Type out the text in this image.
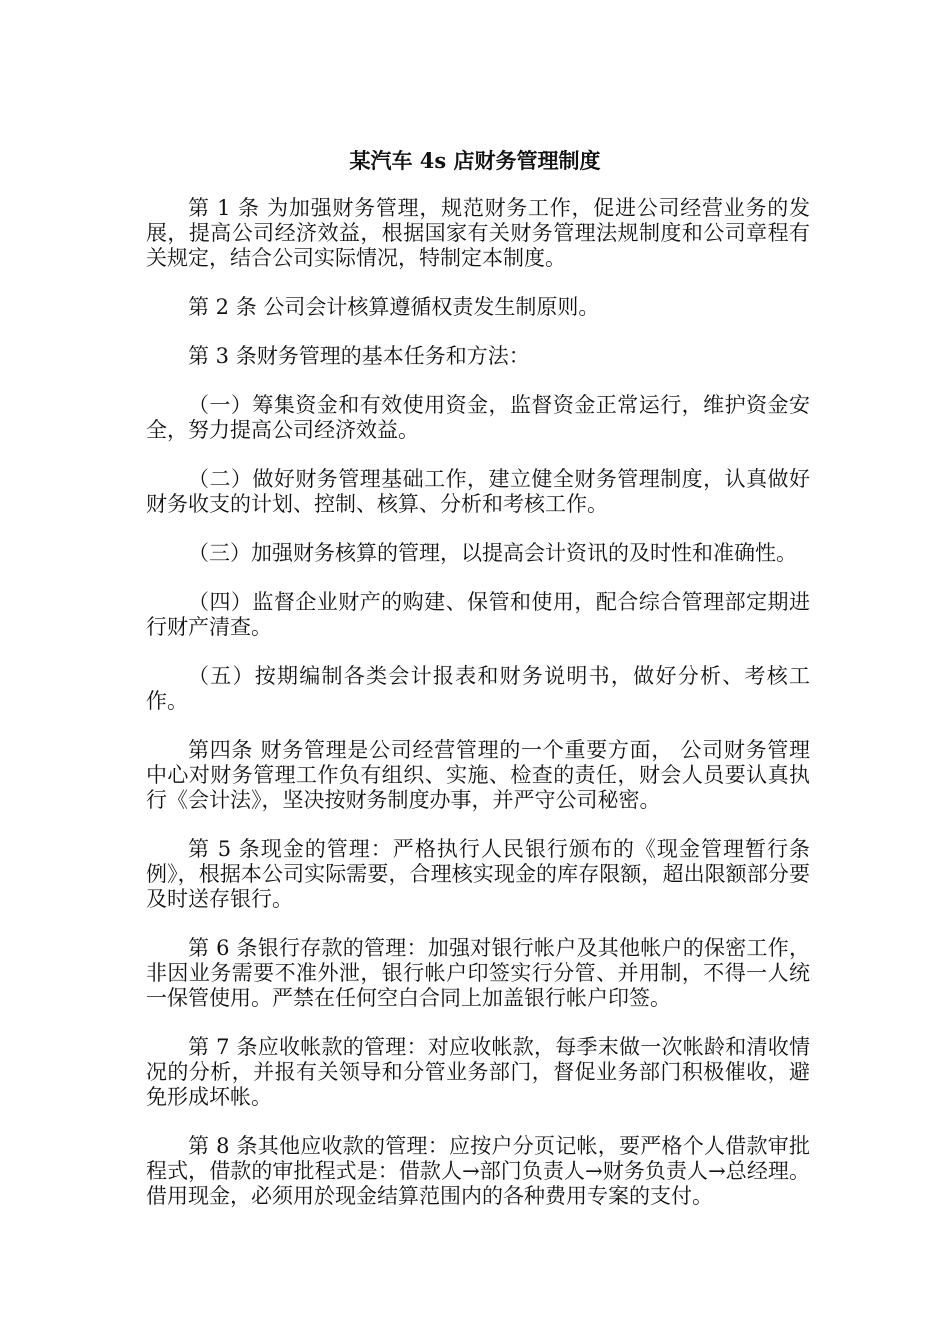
某汽车 4s 店财务管理制度

第 1 条 为加强财务管理，规范财务工作，促进公司经营业务的发展，提高公司经济效益，根据国家有关财务管理法规制度和公司章程有关规定，结合公司实际情况，特制定本制度。

第 2 条 公司会计核算遵循权责发生制原则。

第 3 条财务管理的基本任务和方法：

（一）筹集资金和有效使用资金，监督资金正常运行，维护资金安全，努力提高公司经济效益。

（二）做好财务管理基础工作，建立健全财务管理制度，认真做好财务收支的计划、控制、核算、分析和考核工作。

（三）加强财务核算的管理，以提高会计资讯的及时性和准确性。

（四）监督企业财产的购建、保管和使用，配合综合管理部定期进行财产清查。

（五）按期编制各类会计报表和财务说明书，做好分析、考核工作。

第四条 财务管理是公司经营管理的一个重要方面， 公司财务管理中心对财务管理工作负有组织、实施、检查的责任，财会人员要认真执行《会计法》，坚决按财务制度办事，并严守公司秘密。

第 5 条现金的管理：严格执行人民银行颁布的《现金管理暂行条例》，根据本公司实际需要，合理核实现金的库存限额，超出限额部分要及时送存银行。

第 6 条银行存款的管理：加强对银行帐户及其他帐户的保密工作，非因业务需要不准外泄，银行帐户印签实行分管、并用制，不得一人统一保管使用。严禁在任何空白合同上加盖银行帐户印签。

第 7 条应收帐款的管理：对应收帐款，每季末做一次帐龄和清收情况的分析，并报有关领导和分管业务部门，督促业务部门积极催收，避免形成坏帐。

第 8 条其他应收款的管理：应按户分页记帐，要严格个人借款审批程式，借款的审批程式是：借款人→部门负责人→财务负责人→总经理。借用现金，必须用於现金结算范围内的各种费用专案的支付。
